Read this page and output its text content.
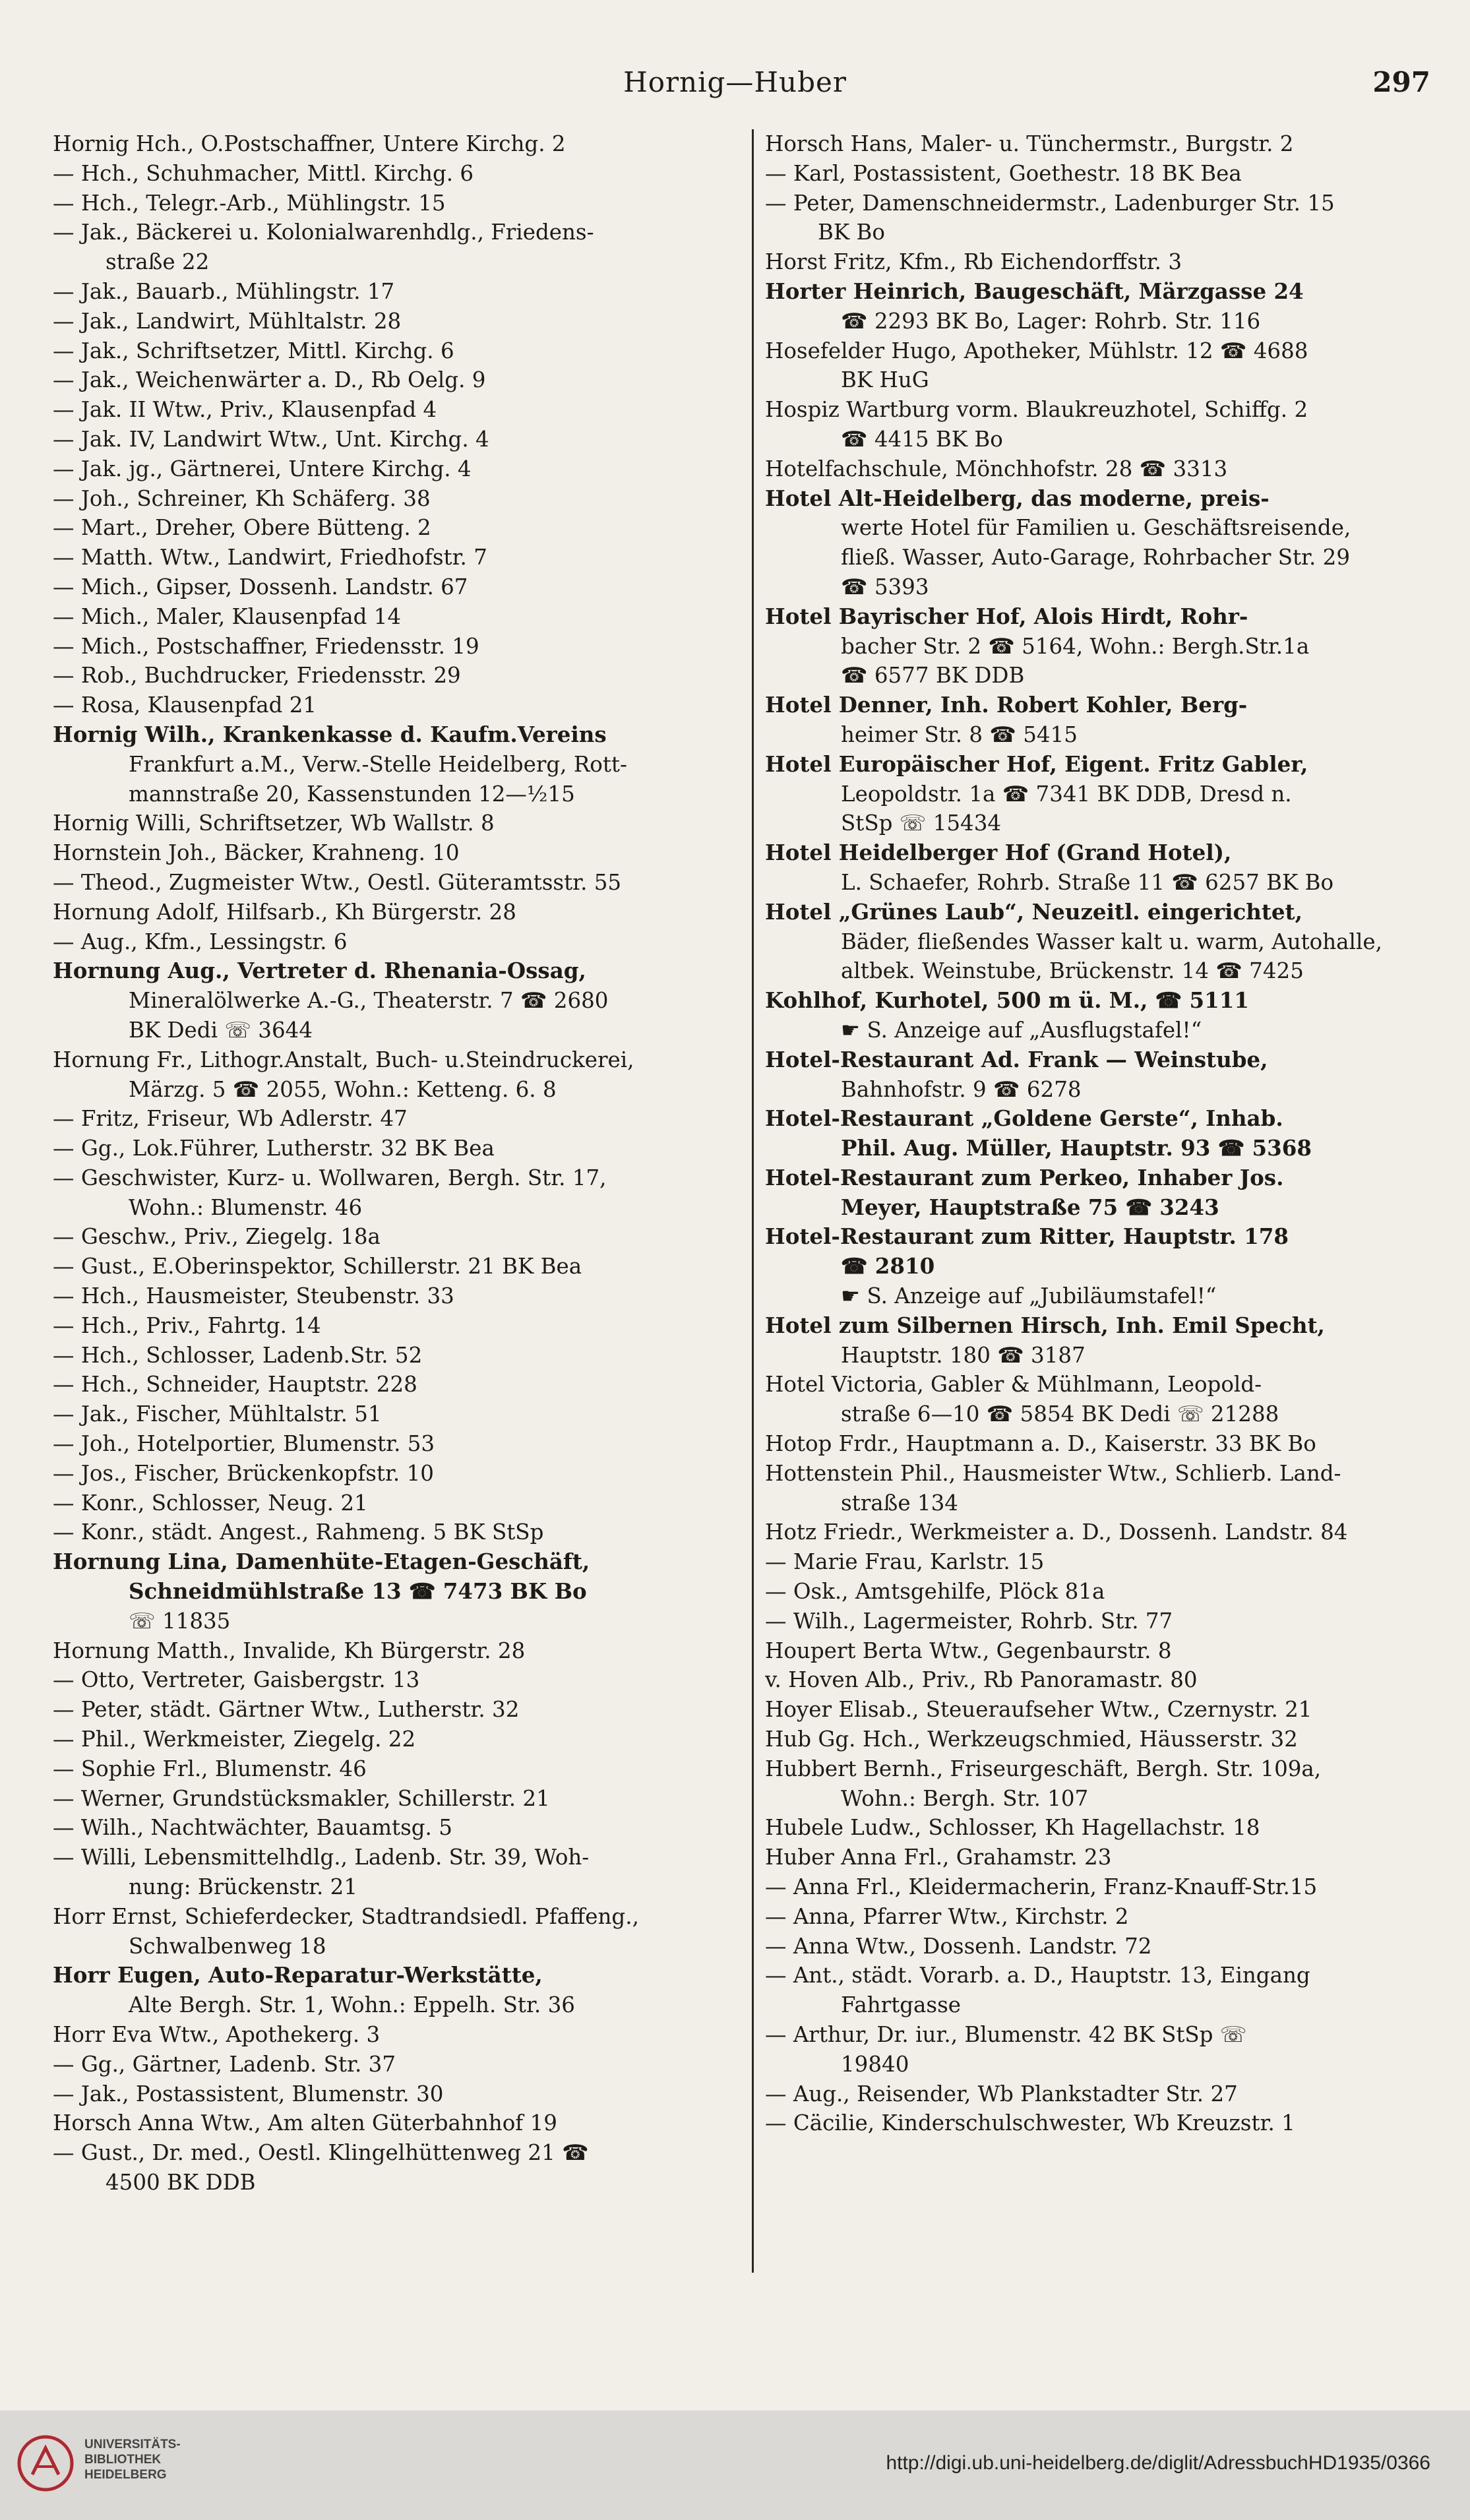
Hornig—Huber	297
Hornig Hch., O.Postschaffner, Untere Kirchg. 2
— Hch., Schuhmacher, Mittl. Kirchg. 6
— Hch., Telegr.-Arb., Mühlingstr. 15
— Jak., Bäckerei u. Kolonialwarenhdlg., Friedens-
straße 22
— Jak., Bauarb., Mühlingstr. 17
— Jak., Landwirt, Mühltalstr. 28
— Jak., Schriftsetzer, Mittl. Kirchg. 6
— Jak., Weichenwärter a. D., Rb Oelg. 9
— Jak. II Wtw., Priv., Klausenpfad 4
— Jak. IV, Landwirt Wtw., Unt. Kirchg. 4
— Jak. jg., Gärtnerei, Untere Kirchg. 4
— Joh., Schreiner, Kh Schäferg. 38
— Mart., Dreher, Obere Bütteng. 2
— Matth. Wtw., Landwirt, Friedhofstr. 7
— Mich., Gipser, Dossenh. Landstr. 67
— Mich., Maler, Klausenpfad 14
— Mich., Postschaffner, Friedensstr. 19
— Rob., Buchdrucker, Friedensstr. 29
— Rosa, Klausenpfad 21
Hornig Wilh., Krankenkasse d. Kaufm.Vereins
Frankfurt a.M., Verw.-Stelle Heidelberg, Rott-
mannstraße 20, Kassenstunden 12—½15
Hornig Willi, Schriftsetzer, Wb Wallstr. 8
Hornstein Joh., Bäcker, Krahneng. 10
— Theod., Zugmeister Wtw., Oestl. Güteramtsstr. 55
Hornung Adolf, Hilfsarb., Kh Bürgerstr. 28
— Aug., Kfm., Lessingstr. 6
Hornung Aug., Vertreter d. Rhenania-Ossag,
Mineralölwerke A.-G., Theaterstr. 7 ☎ 2680
BK Dedi ☏ 3644
Hornung Fr., Lithogr.Anstalt, Buch- u.Steindruckerei,
Märzg. 5 ☎ 2055, Wohn.: Ketteng. 6. 8
— Fritz, Friseur, Wb Adlerstr. 47
— Gg., Lok.Führer, Lutherstr. 32 BK Bea
— Geschwister, Kurz- u. Wollwaren, Bergh. Str. 17,
Wohn.: Blumenstr. 46
— Geschw., Priv., Ziegelg. 18a
— Gust., E.Oberinspektor, Schillerstr. 21 BK Bea
— Hch., Hausmeister, Steubenstr. 33
— Hch., Priv., Fahrtg. 14
— Hch., Schlosser, Ladenb.Str. 52
— Hch., Schneider, Hauptstr. 228
— Jak., Fischer, Mühltalstr. 51
— Joh., Hotelportier, Blumenstr. 53
— Jos., Fischer, Brückenkopfstr. 10
— Konr., Schlosser, Neug. 21
— Konr., städt. Angest., Rahmeng. 5 BK StSp
Hornung Lina, Damenhüte-Etagen-Geschäft,
Schneidmühlstraße 13 ☎ 7473 BK Bo
☏ 11835
Hornung Matth., Invalide, Kh Bürgerstr. 28
— Otto, Vertreter, Gaisbergstr. 13
— Peter, städt. Gärtner Wtw., Lutherstr. 32
— Phil., Werkmeister, Ziegelg. 22
— Sophie Frl., Blumenstr. 46
— Werner, Grundstücksmakler, Schillerstr. 21
— Wilh., Nachtwächter, Bauamtsg. 5
— Willi, Lebensmittelhdlg., Ladenb. Str. 39, Woh-
nung: Brückenstr. 21
Horr Ernst, Schieferdecker, Stadtrandsiedl. Pfaffeng.,
Schwalbenweg 18
Horr Eugen, Auto-Reparatur-Werkstätte,
Alte Bergh. Str. 1, Wohn.: Eppelh. Str. 36
Horr Eva Wtw., Apothekerg. 3
— Gg., Gärtner, Ladenb. Str. 37
— Jak., Postassistent, Blumenstr. 30
Horsch Anna Wtw., Am alten Güterbahnhof 19
— Gust., Dr. med., Oestl. Klingelhüttenweg 21 ☎
4500 BK DDB
Horsch Hans, Maler- u. Tünchermstr., Burgstr. 2
— Karl, Postassistent, Goethestr. 18 BK Bea
— Peter, Damenschneidermstr., Ladenburger Str. 15
BK Bo
Horst Fritz, Kfm., Rb Eichendorffstr. 3
Horter Heinrich, Baugeschäft, Märzgasse 24
☎ 2293 BK Bo, Lager: Rohrb. Str. 116
Hosefelder Hugo, Apotheker, Mühlstr. 12 ☎ 4688
BK HuG
Hospiz Wartburg vorm. Blaukreuzhotel, Schiffg. 2
☎ 4415 BK Bo
Hotelfachschule, Mönchhofstr. 28 ☎ 3313
Hotel Alt-Heidelberg, das moderne, preis-
werte Hotel für Familien u. Geschäftsreisende,
fließ. Wasser, Auto-Garage, Rohrbacher Str. 29
☎ 5393
Hotel Bayrischer Hof, Alois Hirdt, Rohr-
bacher Str. 2 ☎ 5164, Wohn.: Bergh.Str.1a
☎ 6577 BK DDB
Hotel Denner, Inh. Robert Kohler, Berg-
heimer Str. 8 ☎ 5415
Hotel Europäischer Hof, Eigent. Fritz Gabler,
Leopoldstr. 1a ☎ 7341 BK DDB, Dresd n.
StSp ☏ 15434
Hotel Heidelberger Hof (Grand Hotel),
L. Schaefer, Rohrb. Straße 11 ☎ 6257 BK Bo
Hotel „Grünes Laub“, Neuzeitl. eingerichtet,
Bäder, fließendes Wasser kalt u. warm, Autohalle,
altbek. Weinstube, Brückenstr. 14 ☎ 7425
Kohlhof, Kurhotel, 500 m ü. M., ☎ 5111
☛ S. Anzeige auf „Ausflugstafel!“
Hotel-Restaurant Ad. Frank — Weinstube,
Bahnhofstr. 9 ☎ 6278
Hotel-Restaurant „Goldene Gerste“, Inhab.
Phil. Aug. Müller, Hauptstr. 93 ☎ 5368
Hotel-Restaurant zum Perkeo, Inhaber Jos.
Meyer, Hauptstraße 75 ☎ 3243
Hotel-Restaurant zum Ritter, Hauptstr. 178
☎ 2810
☛ S. Anzeige auf „Jubiläumstafel!“
Hotel zum Silbernen Hirsch, Inh. Emil Specht,
Hauptstr. 180 ☎ 3187
Hotel Victoria, Gabler & Mühlmann, Leopold-
straße 6—10 ☎ 5854 BK Dedi ☏ 21288
Hotop Frdr., Hauptmann a. D., Kaiserstr. 33 BK Bo
Hottenstein Phil., Hausmeister Wtw., Schlierb. Land-
straße 134
Hotz Friedr., Werkmeister a. D., Dossenh. Landstr. 84
— Marie Frau, Karlstr. 15
— Osk., Amtsgehilfe, Plöck 81a
— Wilh., Lagermeister, Rohrb. Str. 77
Houpert Berta Wtw., Gegenbaurstr. 8
v. Hoven Alb., Priv., Rb Panoramastr. 80
Hoyer Elisab., Steueraufseher Wtw., Czernystr. 21
Hub Gg. Hch., Werkzeugschmied, Häusserstr. 32
Hubbert Bernh., Friseurgeschäft, Bergh. Str. 109a,
Wohn.: Bergh. Str. 107
Hubele Ludw., Schlosser, Kh Hagellachstr. 18
Huber Anna Frl., Grahamstr. 23
— Anna Frl., Kleidermacherin, Franz-Knauff-Str.15
— Anna, Pfarrer Wtw., Kirchstr. 2
— Anna Wtw., Dossenh. Landstr. 72
— Ant., städt. Vorarb. a. D., Hauptstr. 13, Eingang
Fahrtgasse
— Arthur, Dr. iur., Blumenstr. 42 BK StSp ☏
19840
— Aug., Reisender, Wb Plankstadter Str. 27
— Cäcilie, Kinderschulschwester, Wb Kreuzstr. 1
UNIVERSITÄTS-
BIBLIOTHEK
HEIDELBERG
http://digi.ub.uni-heidelberg.de/diglit/AdressbuchHD1935/0366
